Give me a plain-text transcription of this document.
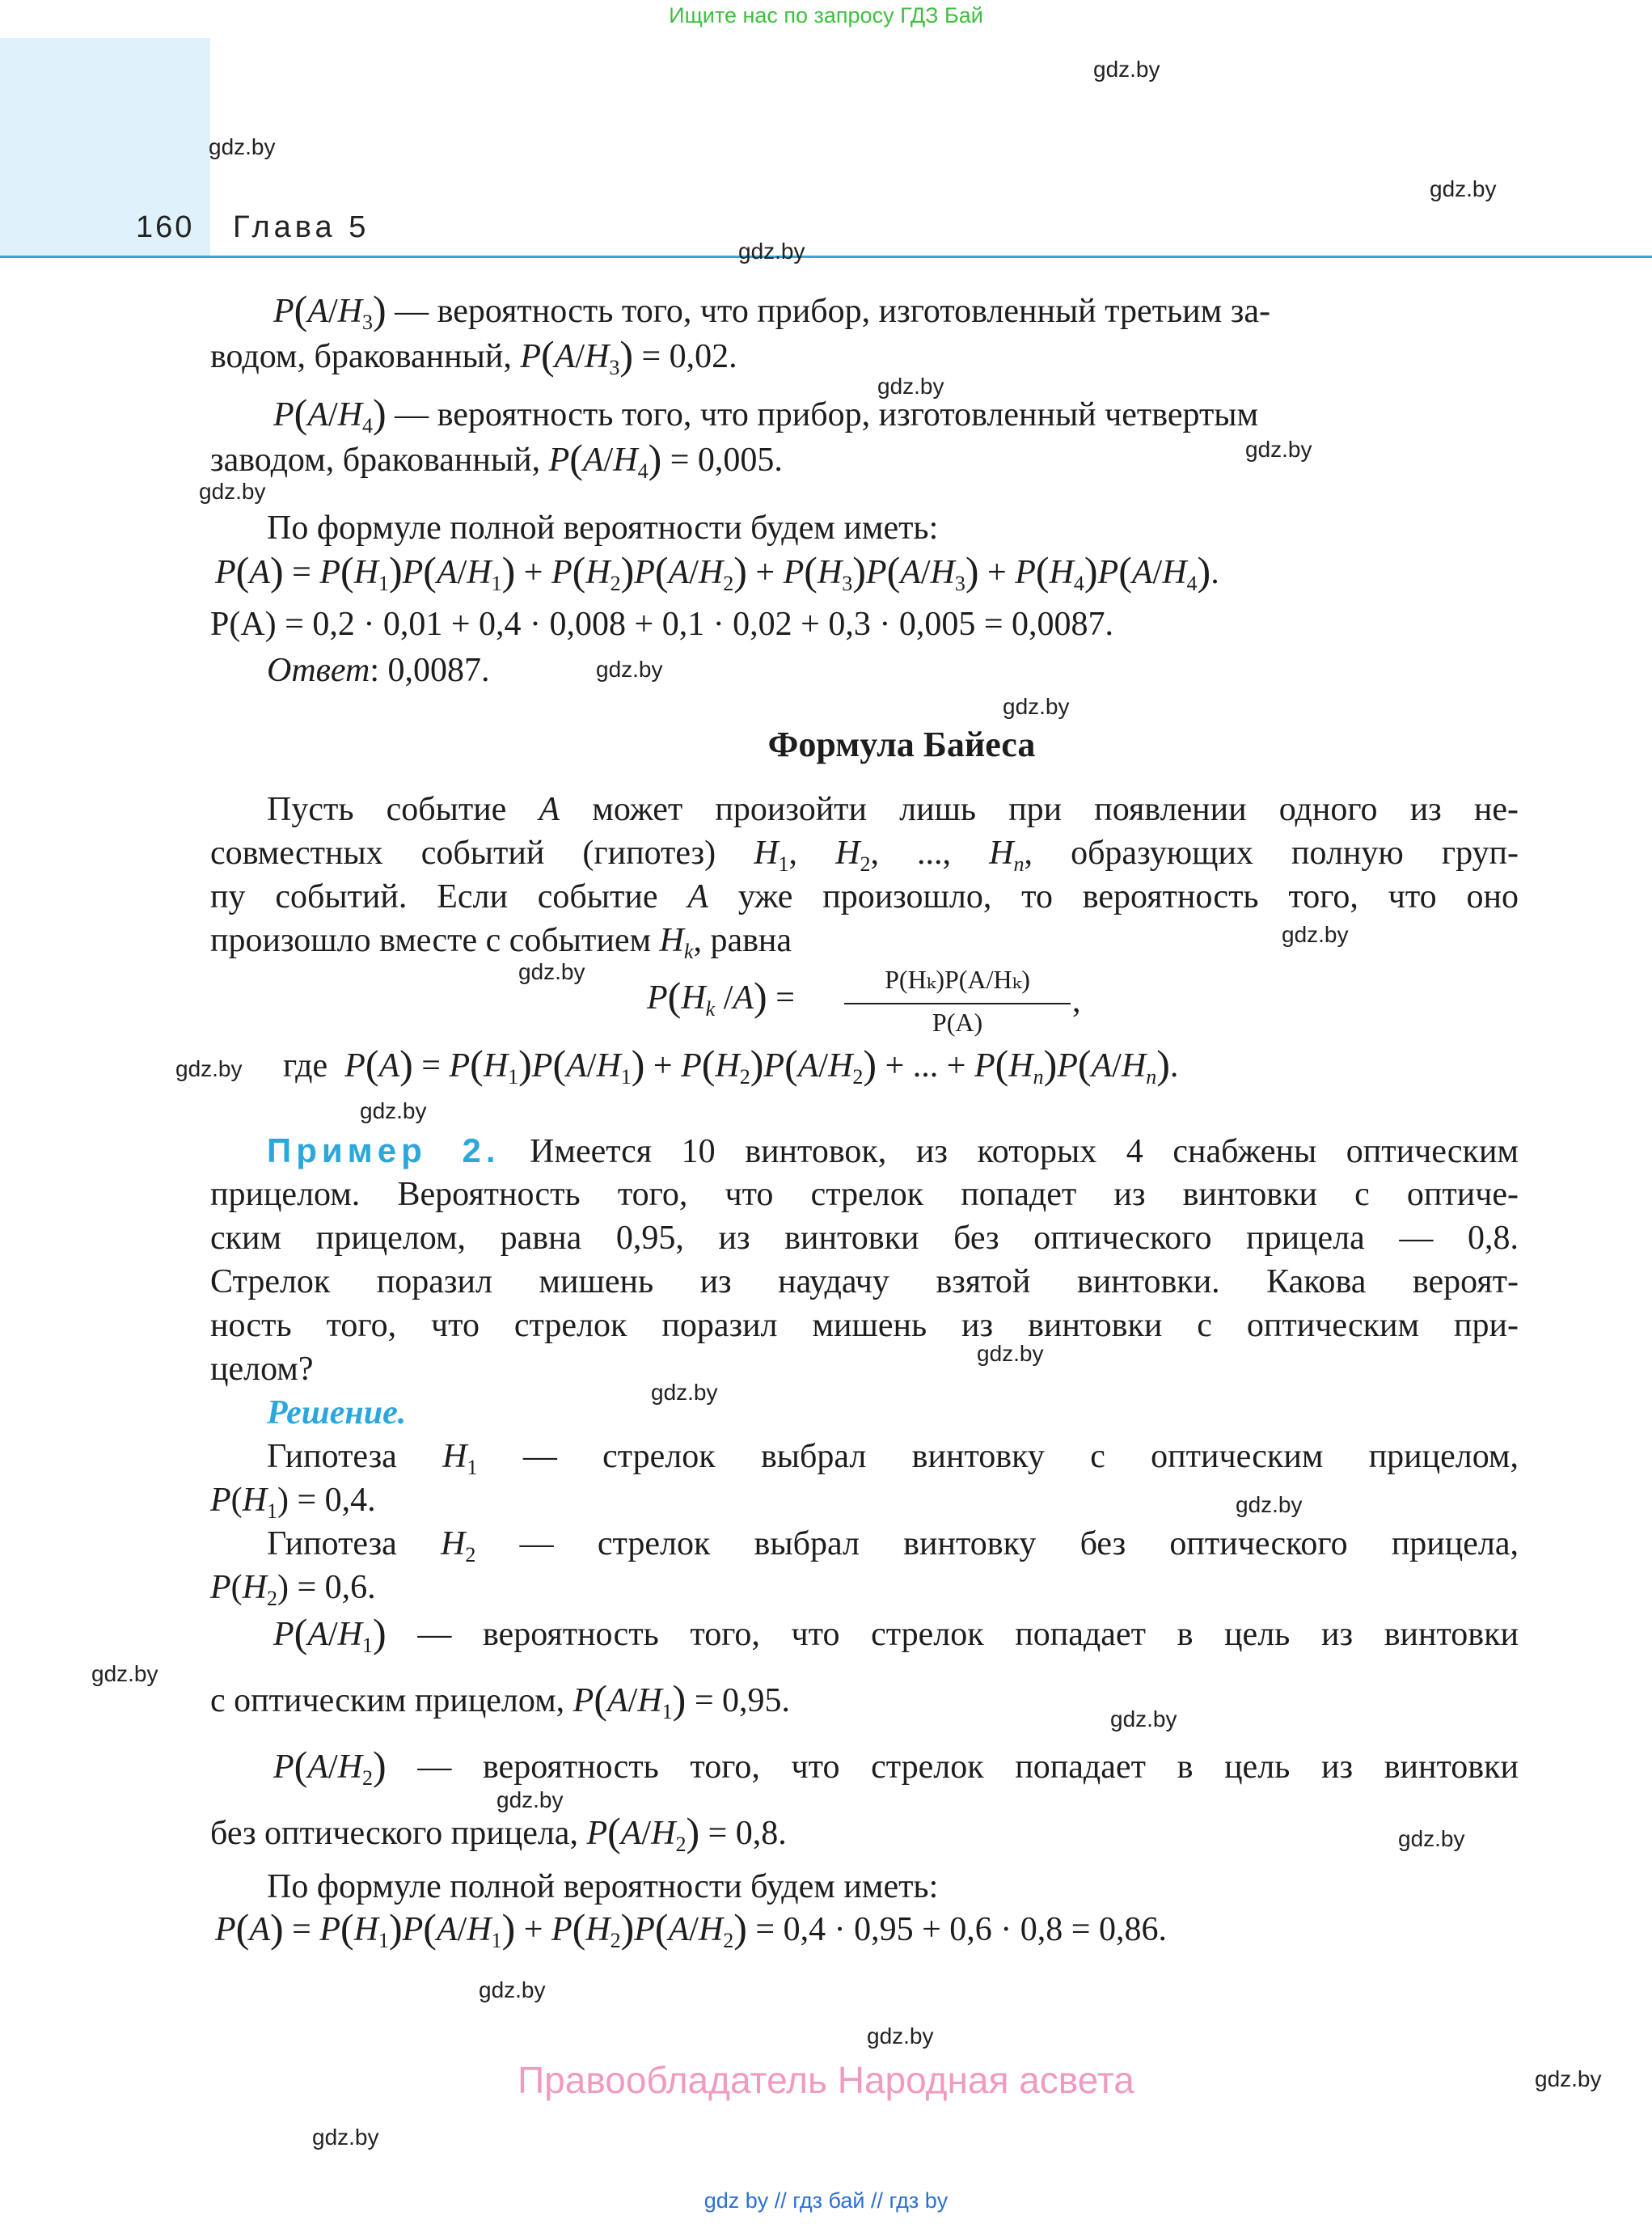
Ищите нас по запросу ГДЗ Бай
160 Глава 5
gdz.by
gdz.by
gdz.by
gdz.by
gdz.by
gdz.by
gdz.by
gdz.by
gdz.by
gdz.by
gdz.by
gdz.by
gdz.by
gdz.by
gdz.by
gdz.by
gdz.by
gdz.by
gdz.by
gdz.by
gdz.by
gdz.by
gdz.by
gdz.by
$P(A/H_3)$ — вероятность того, что прибор, изготовленный третьим за-
водом, бракованный, $P(A/H_3) = 0,02$.
$P(A/H_4)$ — вероятность того, что прибор, изготовленный четвертым
заводом, бракованный, $P(A/H_4) = 0,005$.
По формуле полной вероятности будем иметь:
$P(A) = P(H_1)P(A/H_1) + P(H_2)P(A/H_2) + P(H_3)P(A/H_3) + P(H_4)P(A/H_4)$.
P(A) = 0,2 · 0,01 + 0,4 · 0,008 + 0,1 · 0,02 + 0,3 · 0,005 = 0,0087.
Ответ: 0,0087.
Формула Байеса
Пусть событие A может произойти лишь при появлении одного из не-
совместных событий (гипотез) $H_1$, $H_2$, ..., $H_n$, образующих полную груп-
пу событий. Если событие A уже произошло, то вероятность того, что оно
произошло вместе с событием $H_k$, равна
$P(H_k$ /A) =	P(Hₖ)P(A/Hₖ)
P(A)
,
где $P(A) = P(H_1)P(A/H_1) + P(H_2)P(A/H_2)$ + ... + $P(H_n)P(A/H_n)$.
Пример 2. Имеется 10 винтовок, из которых 4 снабжены оптическим
прицелом. Вероятность того, что стрелок попадет из винтовки с оптиче-
ским прицелом, равна 0,95, из винтовки без оптического прицела — 0,8.
Стрелок поразил мишень из наудачу взятой винтовки. Какова вероят-
ность того, что стрелок поразил мишень из винтовки с оптическим при-
целом?
Решение.
Гипотеза $H_1$ — стрелок выбрал винтовку с оптическим прицелом,
$P(H_1) = 0,4$.
Гипотеза $H_2$ — стрелок выбрал винтовку без оптического прицела,
$P(H_2) = 0,6$.
$P(A/H_1)$ — вероятность того, что стрелок попадает в цель из винтовки
с оптическим прицелом, $P(A/H_1) = 0,95$.
$P(A/H_2)$ — вероятность того, что стрелок попадает в цель из винтовки
без оптического прицела, $P(A/H_2) = 0,8$.
По формуле полной вероятности будем иметь:
$P(A) = P(H_1)P(A/H_1) + P(H_2)P(A/H_2) = 0,4 \cdot 0,95 + 0,6 \cdot 0,8 = 0,86$.
Правообладатель Народная асвета
gdz by // гдз бай // гдз by
